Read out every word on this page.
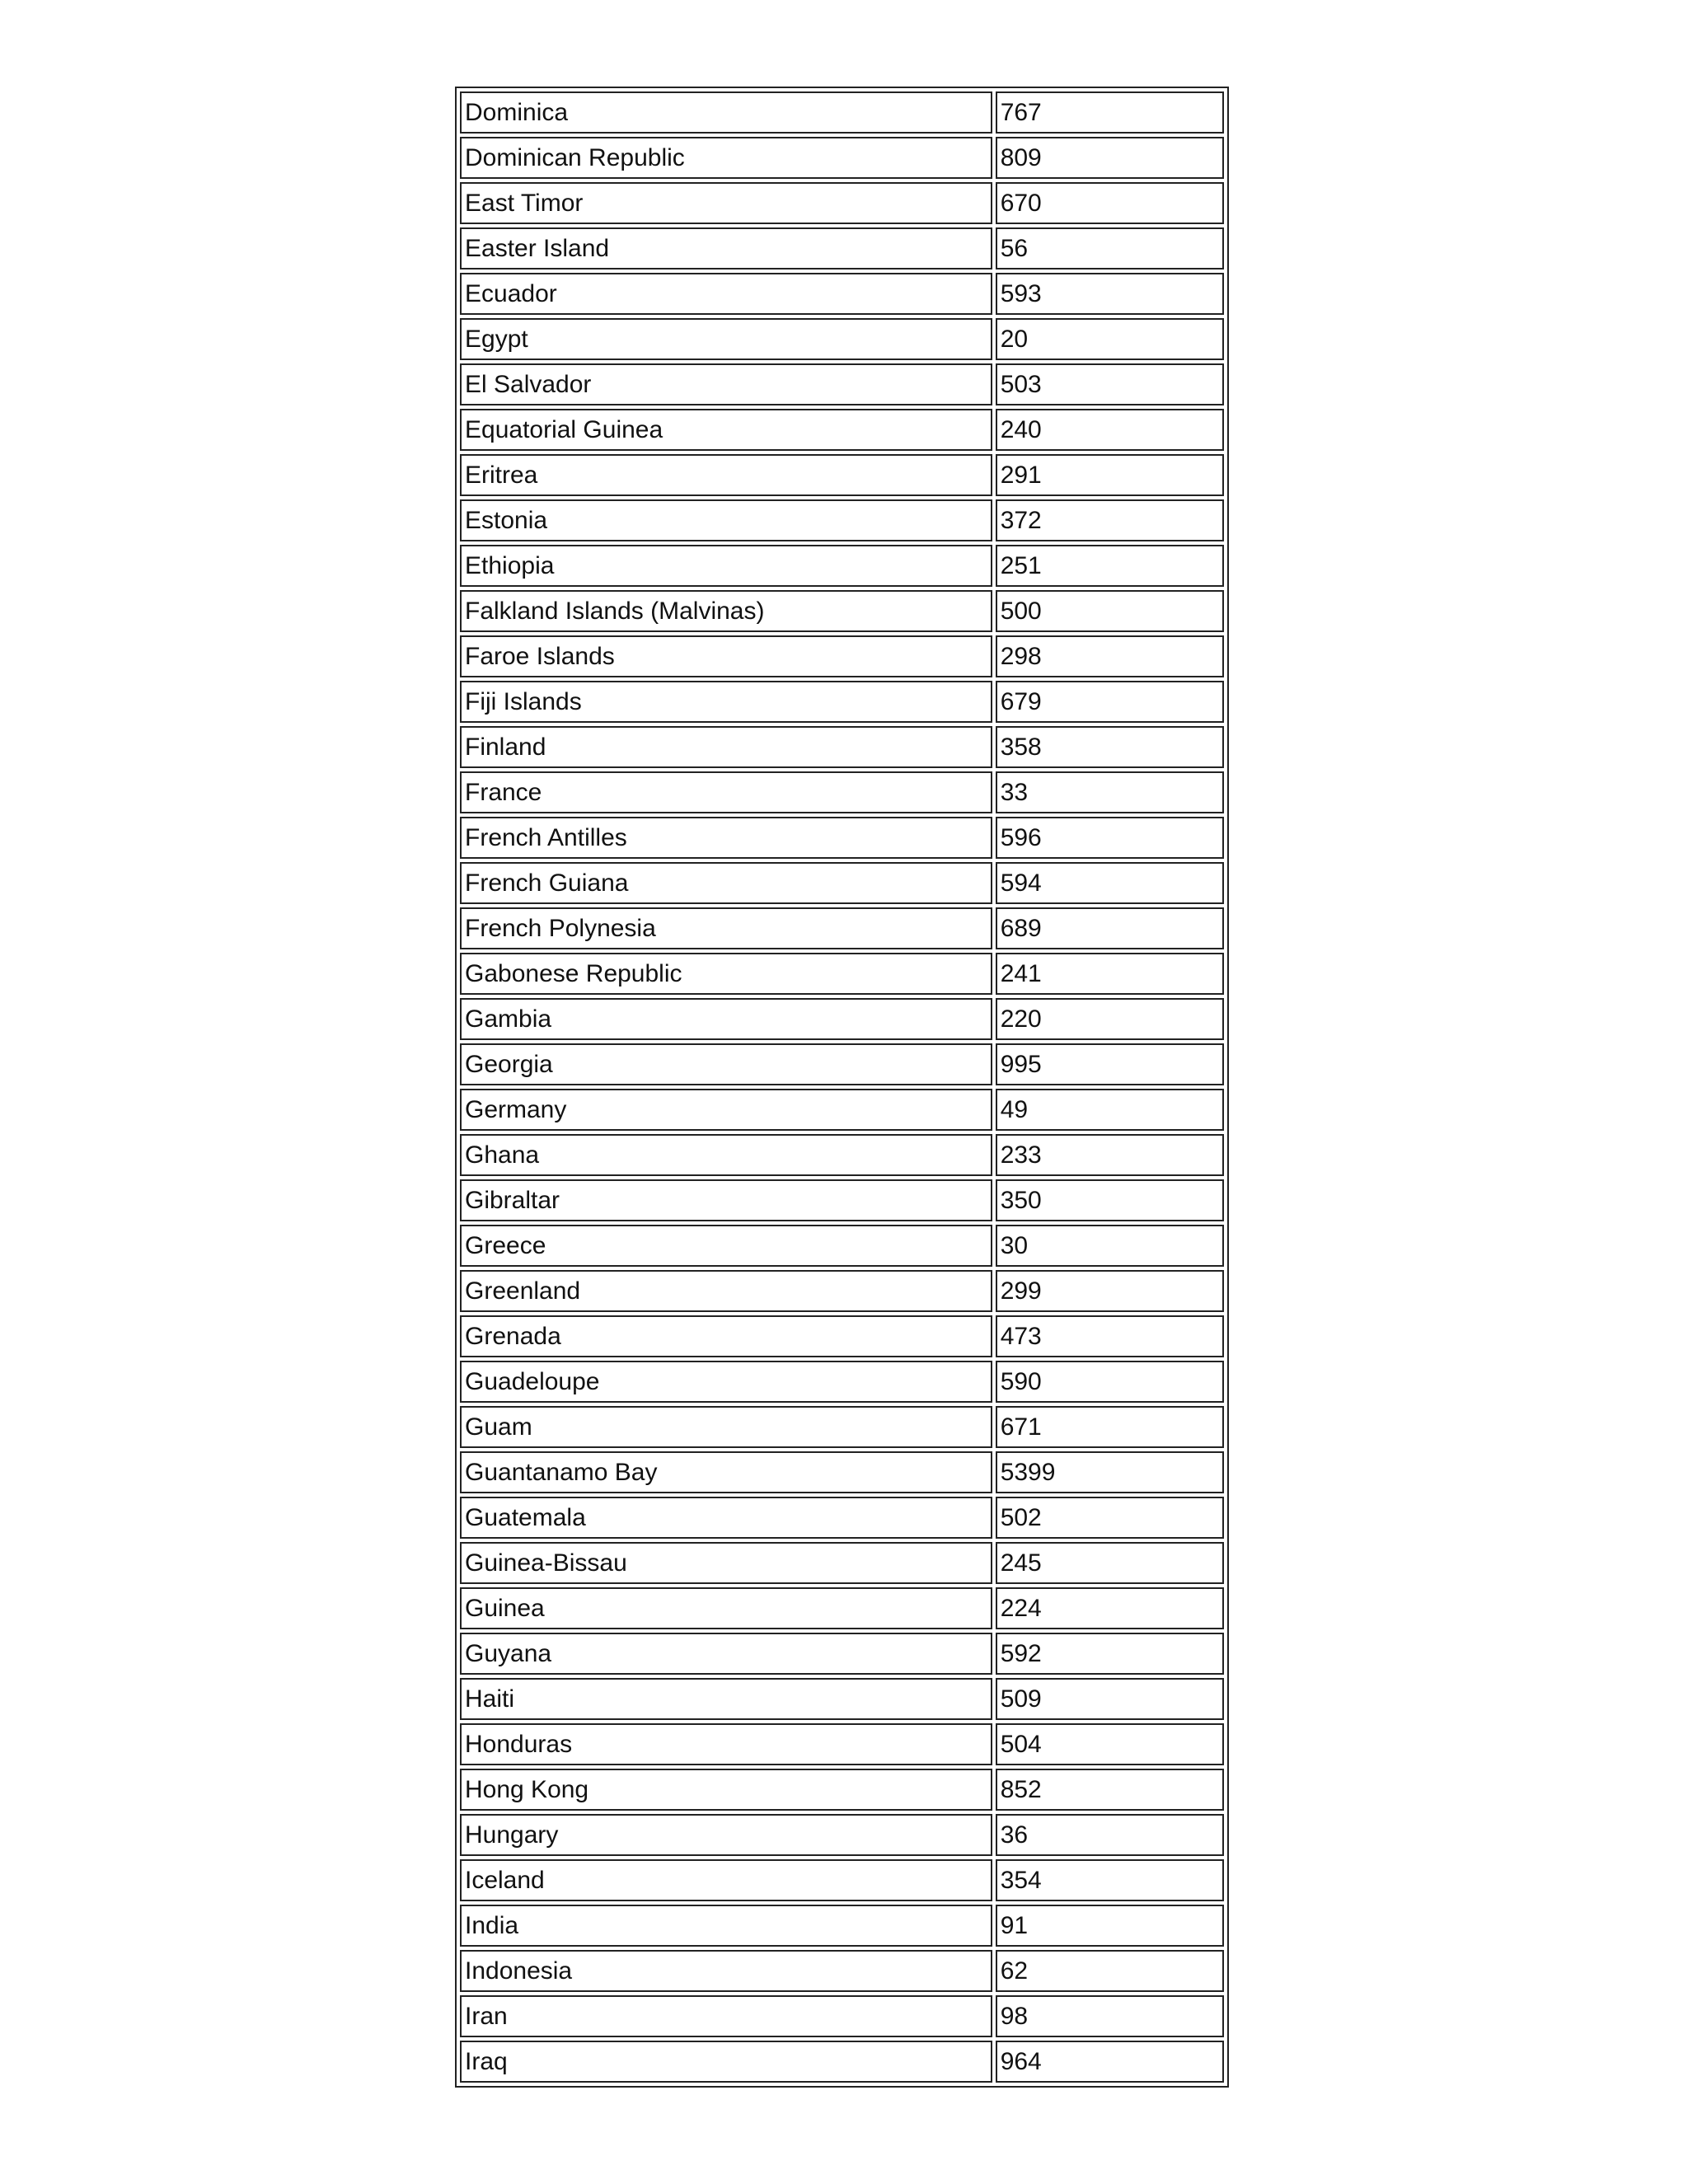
Dominica	767
Dominican Republic	809
East Timor	670
Easter Island	56
Ecuador	593
Egypt	20
El Salvador	503
Equatorial Guinea	240
Eritrea	291
Estonia	372
Ethiopia	251
Falkland Islands (Malvinas)	500
Faroe Islands	298
Fiji Islands	679
Finland	358
France	33
French Antilles	596
French Guiana	594
French Polynesia	689
Gabonese Republic	241
Gambia	220
Georgia	995
Germany	49
Ghana	233
Gibraltar	350
Greece	30
Greenland	299
Grenada	473
Guadeloupe	590
Guam	671
Guantanamo Bay	5399
Guatemala	502
Guinea-Bissau	245
Guinea	224
Guyana	592
Haiti	509
Honduras	504
Hong Kong	852
Hungary	36
Iceland	354
India	91
Indonesia	62
Iran	98
Iraq	964
